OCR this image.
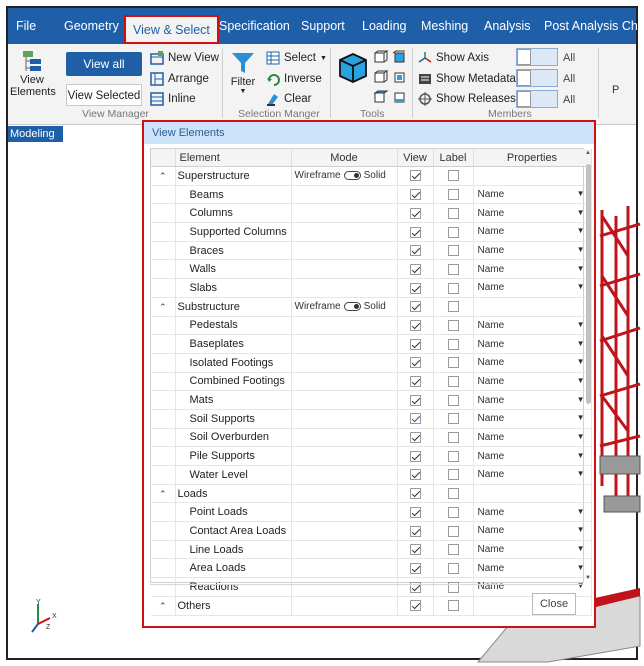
File Geometry	View & Select Specification Support Loading Meshing Analysis Post Analysis Ch
View
Elements
View all
View Selected
New View
Arrange
Inline
View Manager
Filter
▼
Select ▼
Inverse
Clear
Selection Manger	Tools
Show Axis
Show Metadata
Show Releases
All
All
All
Members
P
Modeling
Y
X
Z
View Elements
	Element	Mode	View	Label	Properties
⌃	Superstructure	Wireframe Solid			

	Beams				Name ▼

	Columns				Name ▼

	Supported Columns				Name ▼

	Braces				Name ▼

	Walls				Name ▼

	Slabs				Name ▼

⌃	Substructure	Wireframe Solid			

	Pedestals				Name ▼

	Baseplates				Name ▼

	Isolated Footings				Name ▼

	Combined Footings				Name ▼

	Mats				Name ▼

	Soil Supports				Name ▼

	Soil Overburden				Name ▼

	Pile Supports				Name ▼

	Water Level				Name ▼

⌃	Loads				
	Point Loads				Name ▼

	Contact Area Loads				Name ▼

	Line Loads				Name ▼

	Area Loads				Name ▼

	Reactions				Name ▼

⌃	Others				
▲
▼
Close
